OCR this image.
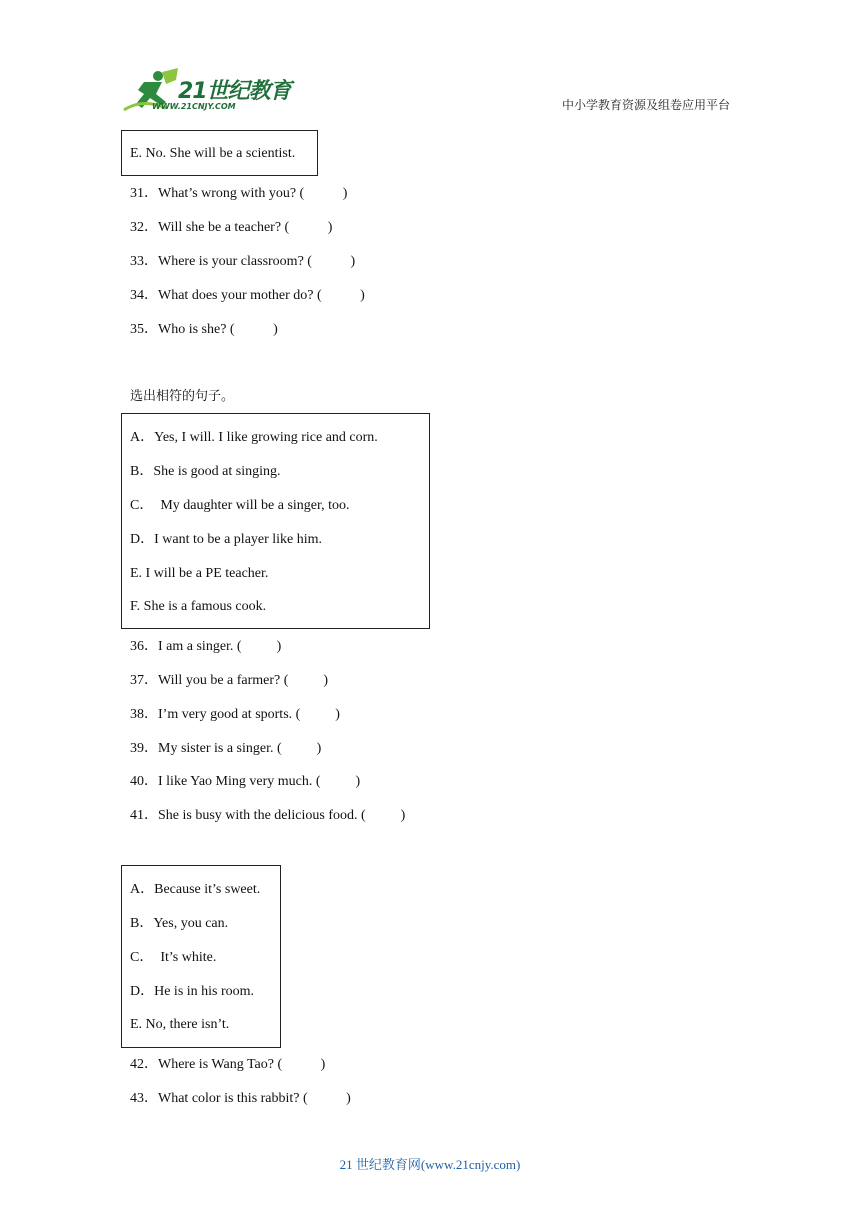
21世纪教育
WWW.21CNJY.COM	中小学教育资源及组卷应用平台
E. No. She will be a scientist.
31．What’s wrong with you? (           )
32．Will she be a teacher? (           )
33．Where is your classroom? (           )
34．What does your mother do? (           )
35．Who is she? (           )
选出相符的句子。
A．Yes, I will. I like growing rice and corn.
B．She is good at singing.
C．  My daughter will be a singer, too.
D．I want to be a player like him.
E. I will be a PE teacher.
F. She is a famous cook.
36．I am a singer. (          )
37．Will you be a farmer? (          )
38．I’m very good at sports. (          )
39．My sister is a singer. (          )
40．I like Yao Ming very much. (          )
41．She is busy with the delicious food. (          )
A．Because it’s sweet.
B．Yes, you can.
C．  It’s white.
D．He is in his room.
E. No, there isn’t.
42．Where is Wang Tao? (           )
43．What color is this rabbit? (           )
21 世纪教育网(www.21cnjy.com)
